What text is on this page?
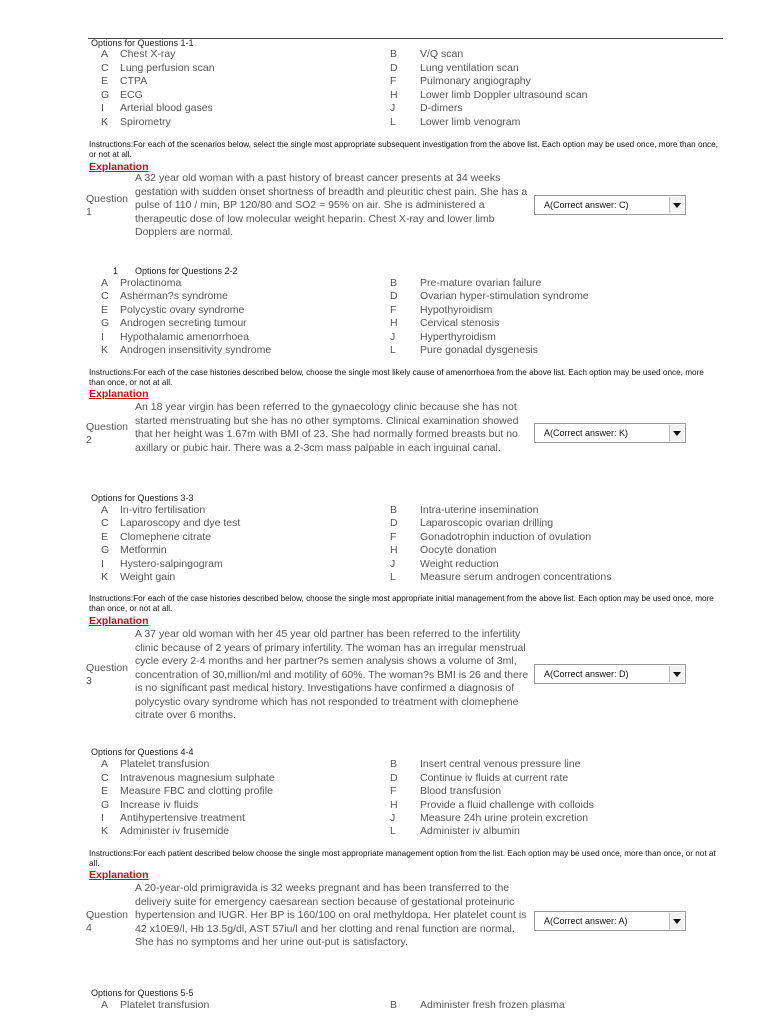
Options for Questions 1-1
A Chest X-ray	B V/Q scan
C Lung perfusion scan	D Lung ventilation scan
E CTPA	F Pulmonary angiography
G ECG	H Lower limb Doppler ultrasound scan
I Arterial blood gases	J D-dimers
K Spirometry	L Lower limb venogram
Instructions:For each of the scenarios below, select the single most appropriate subsequent investigation from the above list. Each option may be used once, more than once, or not at all.
Explanation
A 32 year old woman with a past history of breast cancer presents at 34 weeks gestation with sudden onset shortness of breadth and pleuritic chest pain. She has a pulse of 110 / min, BP 120/80 and SO2 = 95% on air. She is administered a therapeutic dose of low molecular weight heparin. Chest X-ray and lower limb Dopplers are normal.
Question 1
A(Correct answer: C)
1 Options for Questions 2-2
A Prolactinoma	B Pre-mature ovarian failure
C Asherman?s syndrome	D Ovarian hyper-stimulation syndrome
E Polycystic ovary syndrome	F Hypothyroidism
G Androgen secreting tumour	H Cervical stenosis
I Hypothalamic amenorrhoea	J Hyperthyroidism
K Androgen insensitivity syndrome	L Pure gonadal dysgenesis
Instructions:For each of the case histories described below, choose the single most likely cause of amenorrhoea from the above list. Each option may be used once, more than once, or not at all.
Explanation
An 18 year virgin has been referred to the gynaecology clinic because she has not started menstruating but she has no other symptoms. Clinical examination showed that her height was 1.67m with BMI of 23. She had normally formed breasts but no axillary or pubic hair. There was a 2-3cm mass palpable in each inguinal canal.
Question 2
A(Correct answer: K)
Options for Questions 3-3
A In-vitro fertilisation	B Intra-uterine insemination
C Laparoscopy and dye test	D Laparoscopic ovarian drilling
E Clomephene citrate	F Gonadotrophin induction of ovulation
G Metformin	H Oocyte donation
I Hystero-salpingogram	J Weight reduction
K Weight gain	L Measure serum androgen concentrations
Instructions:For each of the case histories described below, choose the single most appropriate initial management from the above list. Each option may be used once, more than once, or not at all.
Explanation
A 37 year old woman with her 45 year old partner has been referred to the infertility clinic because of 2 years of primary infertility. The woman has an irregular menstrual cycle every 2-4 months and her partner?s semen analysis shows a volume of 3ml, concentration of 30,million/ml and motility of 60%. The woman?s BMI is 26 and there is no significant past medical history. Investigations have confirmed a diagnosis of polycystic ovary syndrome which has not responded to treatment with clomephene citrate over 6 months.
Question 3
A(Correct answer: D)
Options for Questions 4-4
A Platelet transfusion	B Insert central venous pressure line
C Intravenous magnesium sulphate	D Continue iv fluids at current rate
E Measure FBC and clotting profile	F Blood transfusion
G Increase iv fluids	H Provide a fluid challenge with colloids
I Antihypertensive treatment	J Measure 24h urine protein excretion
K Administer iv frusemide	L Administer iv albumin
Instructions:For each patient described below choose the single most appropriate management option from the list. Each option may be used once, more than once, or not at all.
Explanation
A 20-year-old primigravida is 32 weeks pregnant and has been transferred to the delivery suite for emergency caesarean section because of gestational proteinuric hypertension and IUGR. Her BP is 160/100 on oral methyldopa. Her platelet count is 42 x10E9/l, Hb 13.5g/dl, AST 57iu/l and her clotting and renal function are normal. She has no symptoms and her urine out-put is satisfactory.
Question 4
A(Correct answer: A)
Options for Questions 5-5
A Platelet transfusion	B Administer fresh frozen plasma
